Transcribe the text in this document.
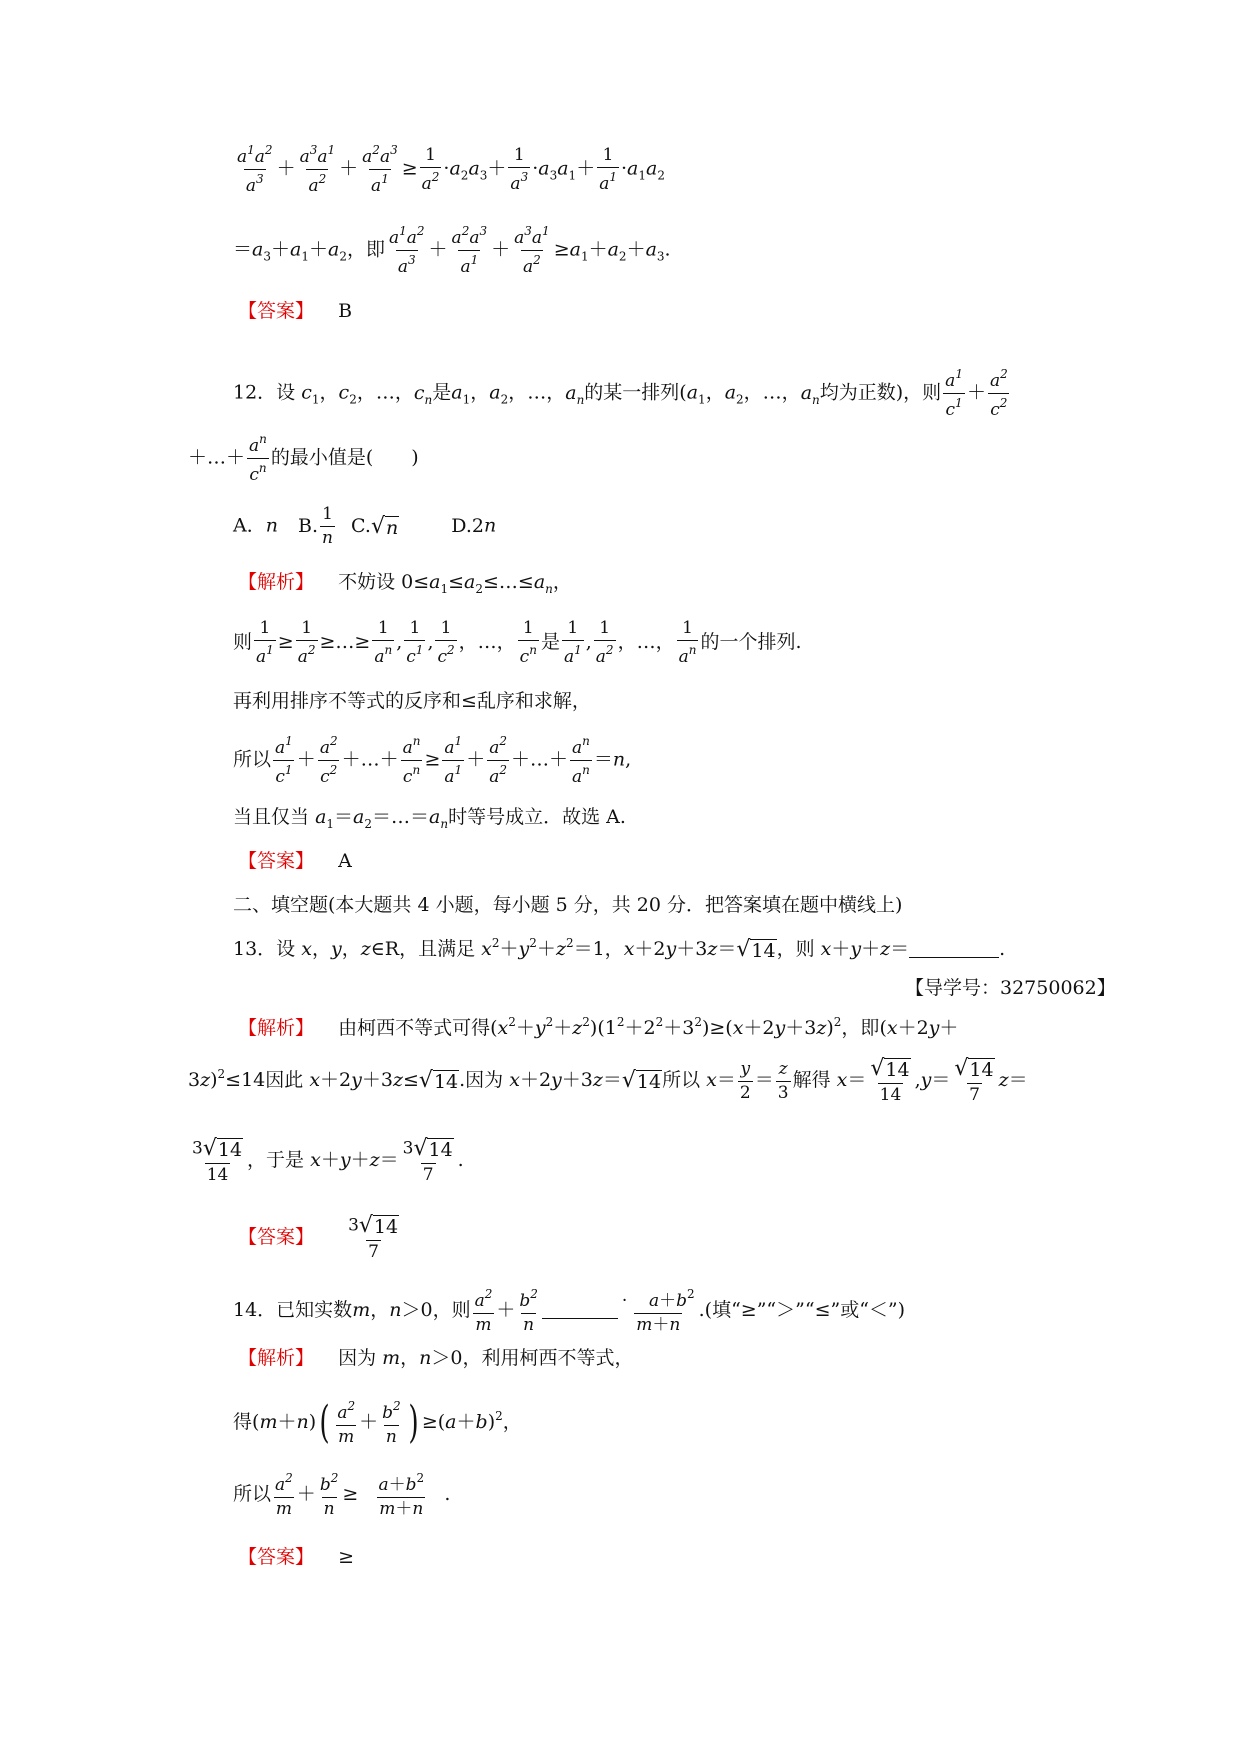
$\frac{a^1a^2}{a^3} + \frac{a^3a^1}{a^2} + \frac{a^2a^3}{a^1} \ge \frac{1}{a^2} \cdot a_2a_3+ \frac{1}{a^3} \cdot a_3a_1+ \frac{1}{a^1} \cdot a_1a_2$
$=a_3+a_1+a_2$，即 $\frac{a^1a^2}{a^3} + \frac{a^2a^3}{a^1} + \frac{a^3a^1}{a^2} \ge a_1+a_2+a_3$.
【答案】 B
12．设 $c_1$，$c_2$，…，$c_n$是$a_1$，$a_2$，…，$a_n$的某一排列($a_1$，$a_2$，…，$a_n$均为正数)，则 $\frac{a^1}{c^1} + \frac{a^2}{c^2}$
＋…＋ $\frac{a^n}{c^n}$ 的最小值是(　　)
A．n B. $\frac{1}{n} C$. √ n	D.2n
【解析】 不妨设 $0\le a_1\le a_2\le\dots\le a_n$，
则 $\frac{1}{a^1} \ge \frac{1}{a^2}$ ≥…≥ $\frac{1}{a^n}$ , $\frac{1}{c^1}$ , $\frac{1}{c^2}$ ，…， $\frac{1}{c^n}$ 是 $\frac{1}{a^1}$ , $\frac{1}{a^2}$ ，…， $\frac{1}{a^n}$ 的一个排列.
再利用排序不等式的反序和≤乱序和求解，
所以 $\frac{a^1}{c^1} + \frac{a^2}{c^2}$ ＋…＋ $\frac{a^n}{c^n} \ge \frac{a^1}{a^1} + \frac{a^2}{a^2}$ ＋…＋ $\frac{a^n}{a^n} =n$,
当且仅当 $a_1=a_2=\dots=a_n$时等号成立．故选 A.
【答案】 A
二、填空题(本大题共 4 小题，每小题 5 分，共 20 分．把答案填在题中横线上)
13．设 x，y，z∈R，且满足 $x^2+y^2+z^2=1$，x＋2y＋3z＝ √ 14 ，则 x＋y＋z＝	.
【导学号：32750062】
【解析】 由柯西不等式可得$(x^2+y^2+z^2)(1^2+2^2+3^2)\ge(x+2y+3z)^2$，即(x＋2y＋
3z)$^2$≤14因此 x＋2y＋3z≤ √ 14 .因为 x＋2y＋3z＝ √ 14 所以 $x= \frac{y}{2} = \frac{z}{3}$ 解得 $x= \frac{√ 14}{14} ,y= \frac{√ 14}{7} z=$
$\frac{3 √ 14}{14}$ ，于是 $x+y+z= \frac{3 √ 14}{7}$ .
【答案】 $\frac{3 √ 14}{7}$
14．已知实数m，n＞0，则 $\frac{a^2}{m} + \frac{b^2}{n}$	$\frac{\cdot a+b^2}{m+n}$ .(填“≥”“＞”“≤”或“＜”)
【解析】 因为 m，n＞0，利用柯西不等式，
得$(m+n)( \frac{a^2}{m} + \frac{b^2}{n}$ ) $\ge(a+b)^2$，
所以 $\frac{a^2}{m} + \frac{b^2}{n} \ge \frac{a+b^2}{m+n}$ .
【答案】 ≥
